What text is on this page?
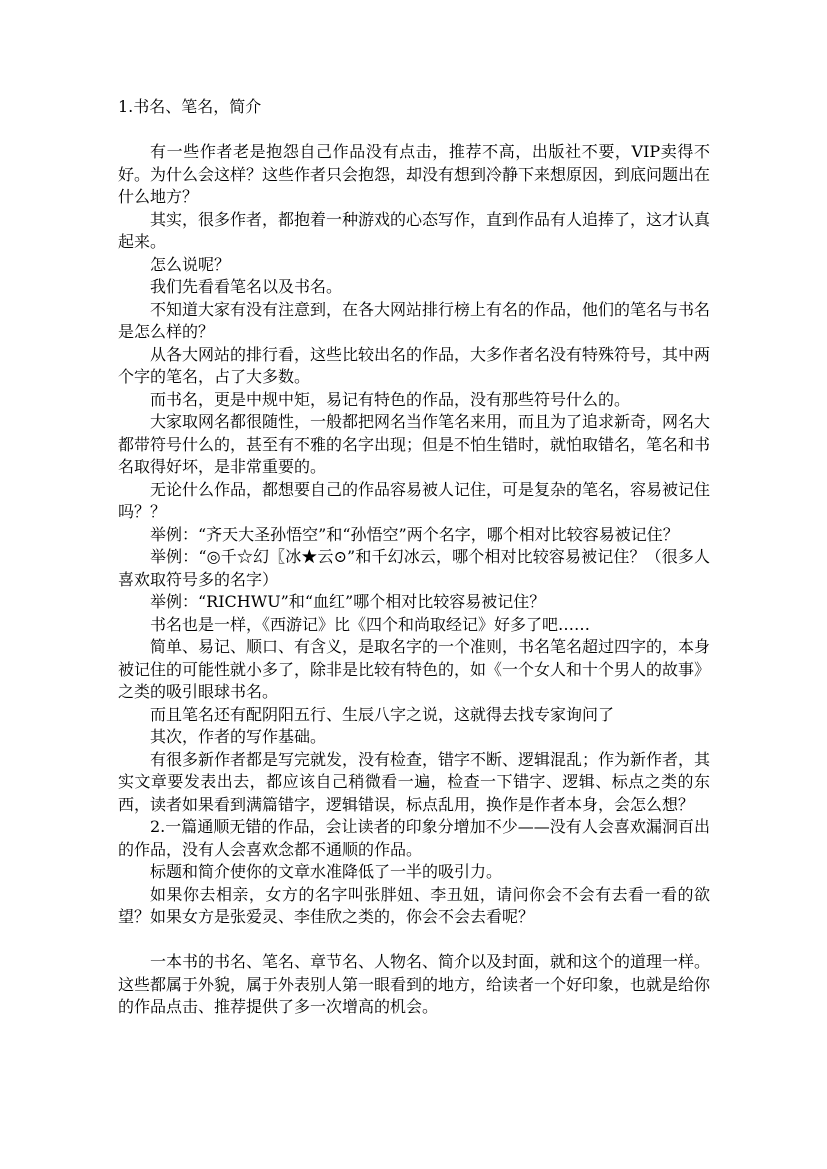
1.书名、笔名，简介

有一些作者老是抱怨自己作品没有点击，推荐不高，出版社不要，VIP卖得不好。为什么会这样？这些作者只会抱怨，却没有想到冷静下来想原因，到底问题出在什么地方？

其实，很多作者，都抱着一种游戏的心态写作，直到作品有人追捧了，这才认真起来。

怎么说呢？

我们先看看笔名以及书名。

不知道大家有没有注意到，在各大网站排行榜上有名的作品，他们的笔名与书名是怎么样的？

从各大网站的排行看，这些比较出名的作品，大多作者名没有特殊符号，其中两个字的笔名，占了大多数。

而书名，更是中规中矩，易记有特色的作品，没有那些符号什么的。

大家取网名都很随性，一般都把网名当作笔名来用，而且为了追求新奇，网名大都带符号什么的，甚至有不雅的名字出现；但是不怕生错时，就怕取错名，笔名和书名取得好坏，是非常重要的。

无论什么作品，都想要自己的作品容易被人记住，可是复杂的笔名，容易被记住吗？？

举例：“齐天大圣孙悟空”和“孙悟空”两个名字，哪个相对比较容易被记住？

举例：“◎千☆幻〖冰★云⊙”和千幻冰云，哪个相对比较容易被记住？（很多人喜欢取符号多的名字）

举例：“RICHWU”和“血红”哪个相对比较容易被记住？

书名也是一样，《西游记》比《四个和尚取经记》好多了吧……

简单、易记、顺口、有含义，是取名字的一个准则，书名笔名超过四字的，本身被记住的可能性就小多了，除非是比较有特色的，如《一个女人和十个男人的故事》之类的吸引眼球书名。

而且笔名还有配阴阳五行、生辰八字之说，这就得去找专家询问了

其次，作者的写作基础。

有很多新作者都是写完就发，没有检查，错字不断、逻辑混乱；作为新作者，其实文章要发表出去，都应该自己稍微看一遍，检查一下错字、逻辑、标点之类的东西，读者如果看到满篇错字，逻辑错误，标点乱用，换作是作者本身，会怎么想？

2.一篇通顺无错的作品，会让读者的印象分增加不少——没有人会喜欢漏洞百出的作品，没有人会喜欢念都不通顺的作品。

标题和简介使你的文章水准降低了一半的吸引力。

如果你去相亲，女方的名字叫张胖妞、李丑妞，请问你会不会有去看一看的欲望？如果女方是张爱灵、李佳欣之类的，你会不会去看呢？

一本书的书名、笔名、章节名、人物名、简介以及封面，就和这个的道理一样。这些都属于外貌，属于外表别人第一眼看到的地方，给读者一个好印象，也就是给你的作品点击、推荐提供了多一次增高的机会。
